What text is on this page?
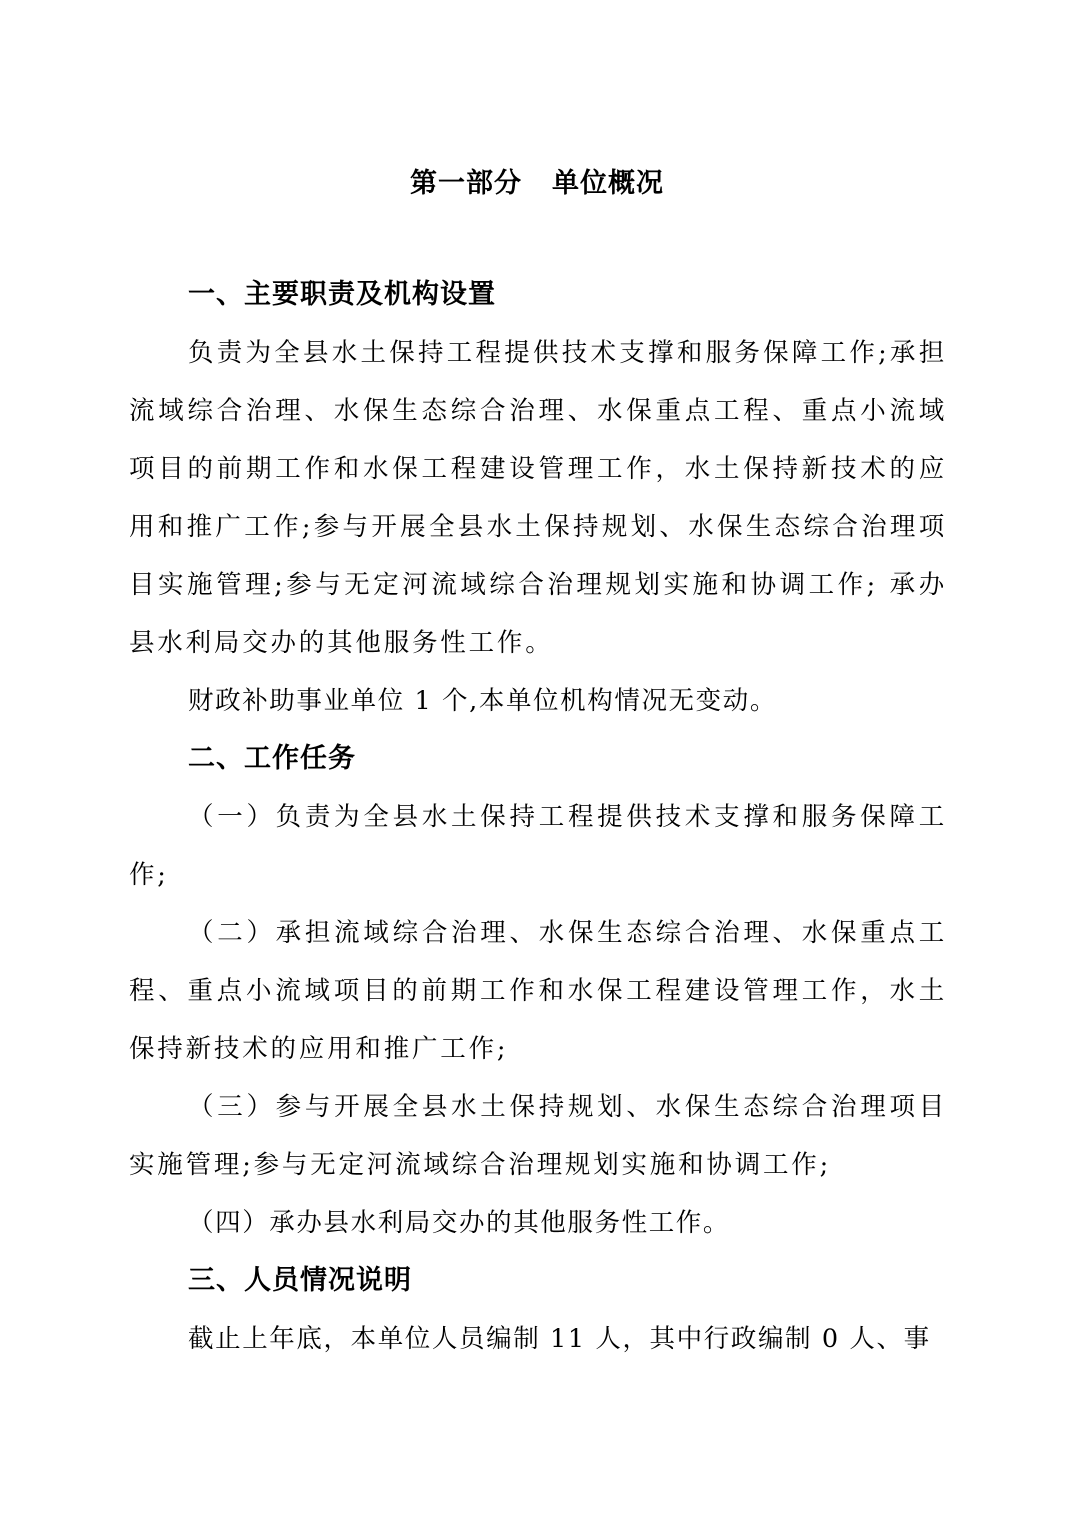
第一部分 单位概况
一、主要职责及机构设置

负责为全县水土保持工程提供技术支撑和服务保障工作;承担流域综合治理、水保生态综合治理、水保重点工程、重点小流域项目的前期工作和水保工程建设管理工作，水土保持新技术的应用和推广工作;参与开展全县水土保持规划、水保生态综合治理项目实施管理;参与无定河流域综合治理规划实施和协调工作; 承办县水利局交办的其他服务性工作。

财政补助事业单位 1 个,本单位机构情况无变动。

二、工作任务

（一）负责为全县水土保持工程提供技术支撑和服务保障工作;

（二）承担流域综合治理、水保生态综合治理、水保重点工程、重点小流域项目的前期工作和水保工程建设管理工作，水土保持新技术的应用和推广工作;

（三）参与开展全县水土保持规划、水保生态综合治理项目实施管理;参与无定河流域综合治理规划实施和协调工作;

（四）承办县水利局交办的其他服务性工作。

三、人员情况说明

截止上年底，本单位人员编制 11 人，其中行政编制 0 人、事
